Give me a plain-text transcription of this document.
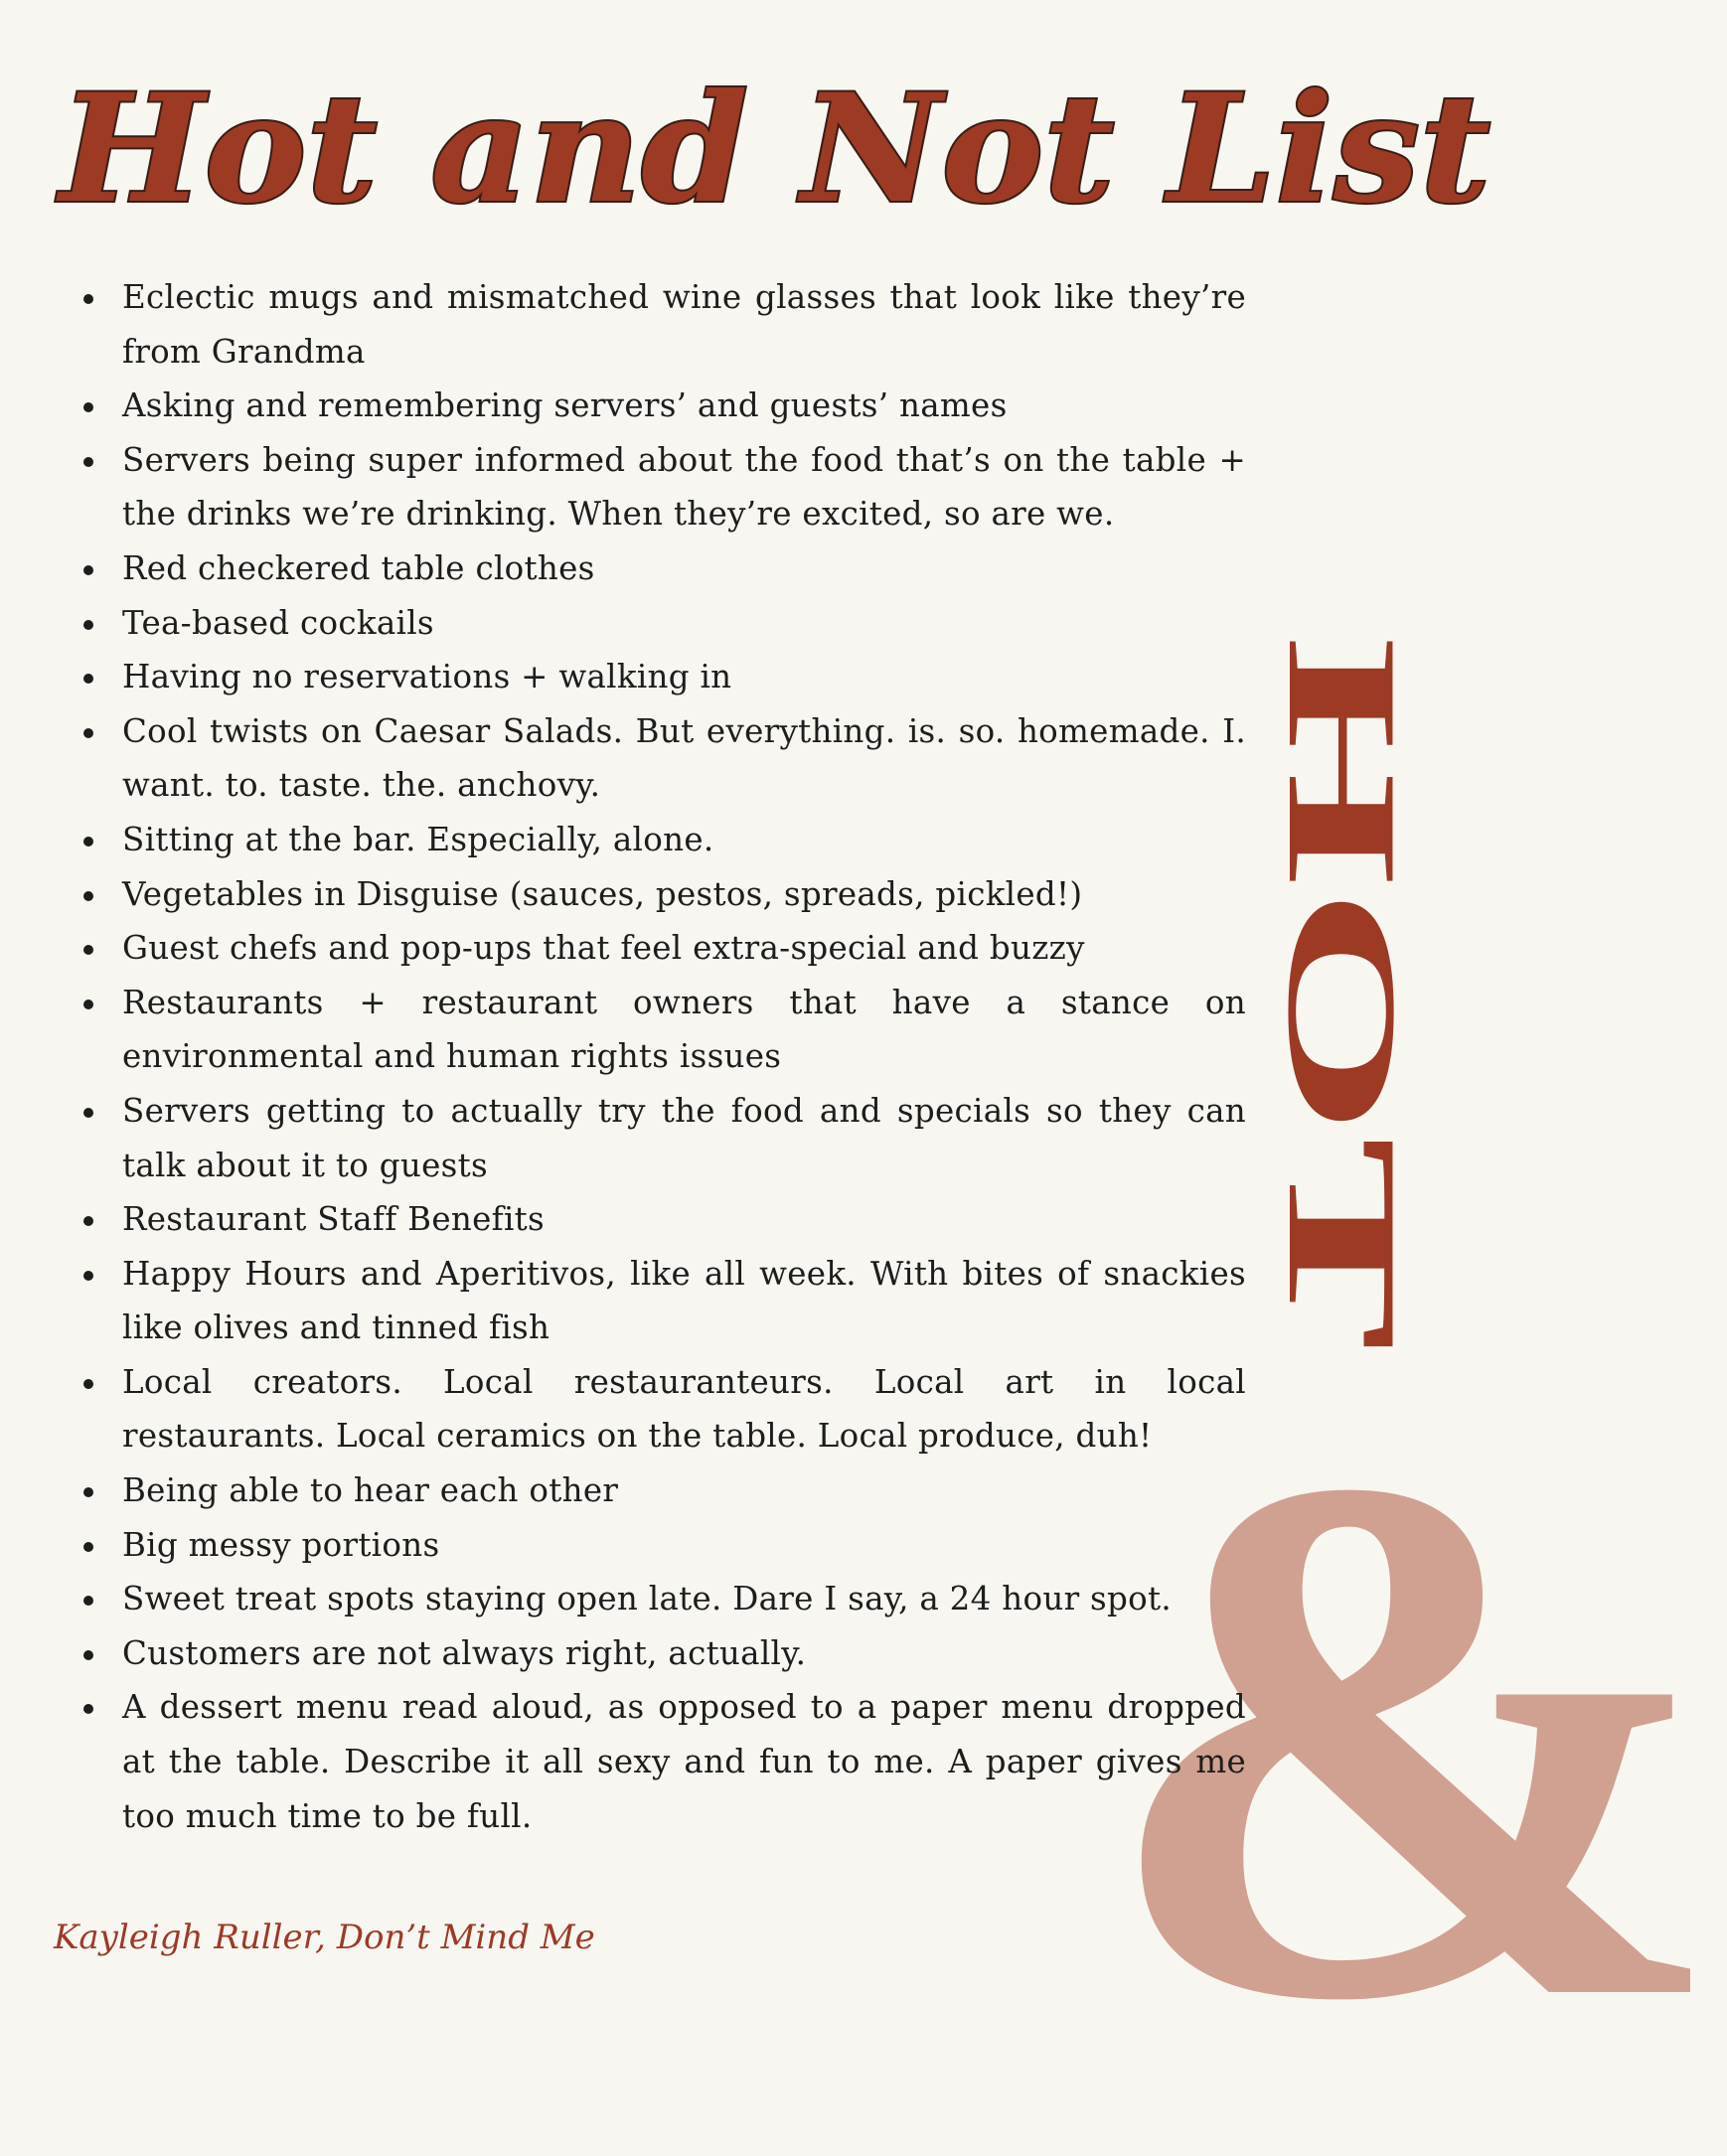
&
Hot and Not List
HOT
Eclectic mugs and mismatched wine glasses that look like they’re from Grandma
Asking and remembering servers’ and guests’ names
Servers being super informed about the food that’s on the table + the drinks we’re drinking. When they’re excited, so are we.
Red checkered table clothes
Tea-based cockails
Having no reservations + walking in
Cool twists on Caesar Salads. But everything. is. so. homemade. I. want. to. taste. the. anchovy.
Sitting at the bar. Especially, alone.
Vegetables in Disguise (sauces, pestos, spreads, pickled!)
Guest chefs and pop-ups that feel extra-special and buzzy
Restaurants + restaurant owners that have a stance on environmental and human rights issues
Servers getting to actually try the food and specials so they can talk about it to guests
Restaurant Staff Benefits
Happy Hours and Aperitivos, like all week. With bites of snackies like olives and tinned fish
Local creators. Local restauranteurs. Local art in local restaurants. Local ceramics on the table. Local produce, duh!
Being able to hear each other
Big messy portions
Sweet treat spots staying open late. Dare I say, a 24 hour spot.
Customers are not always right, actually.
A dessert menu read aloud, as opposed to a paper menu dropped at the table. Describe it all sexy and fun to me. A paper gives me too much time to be full.
Kayleigh Ruller, Don’t Mind Me
